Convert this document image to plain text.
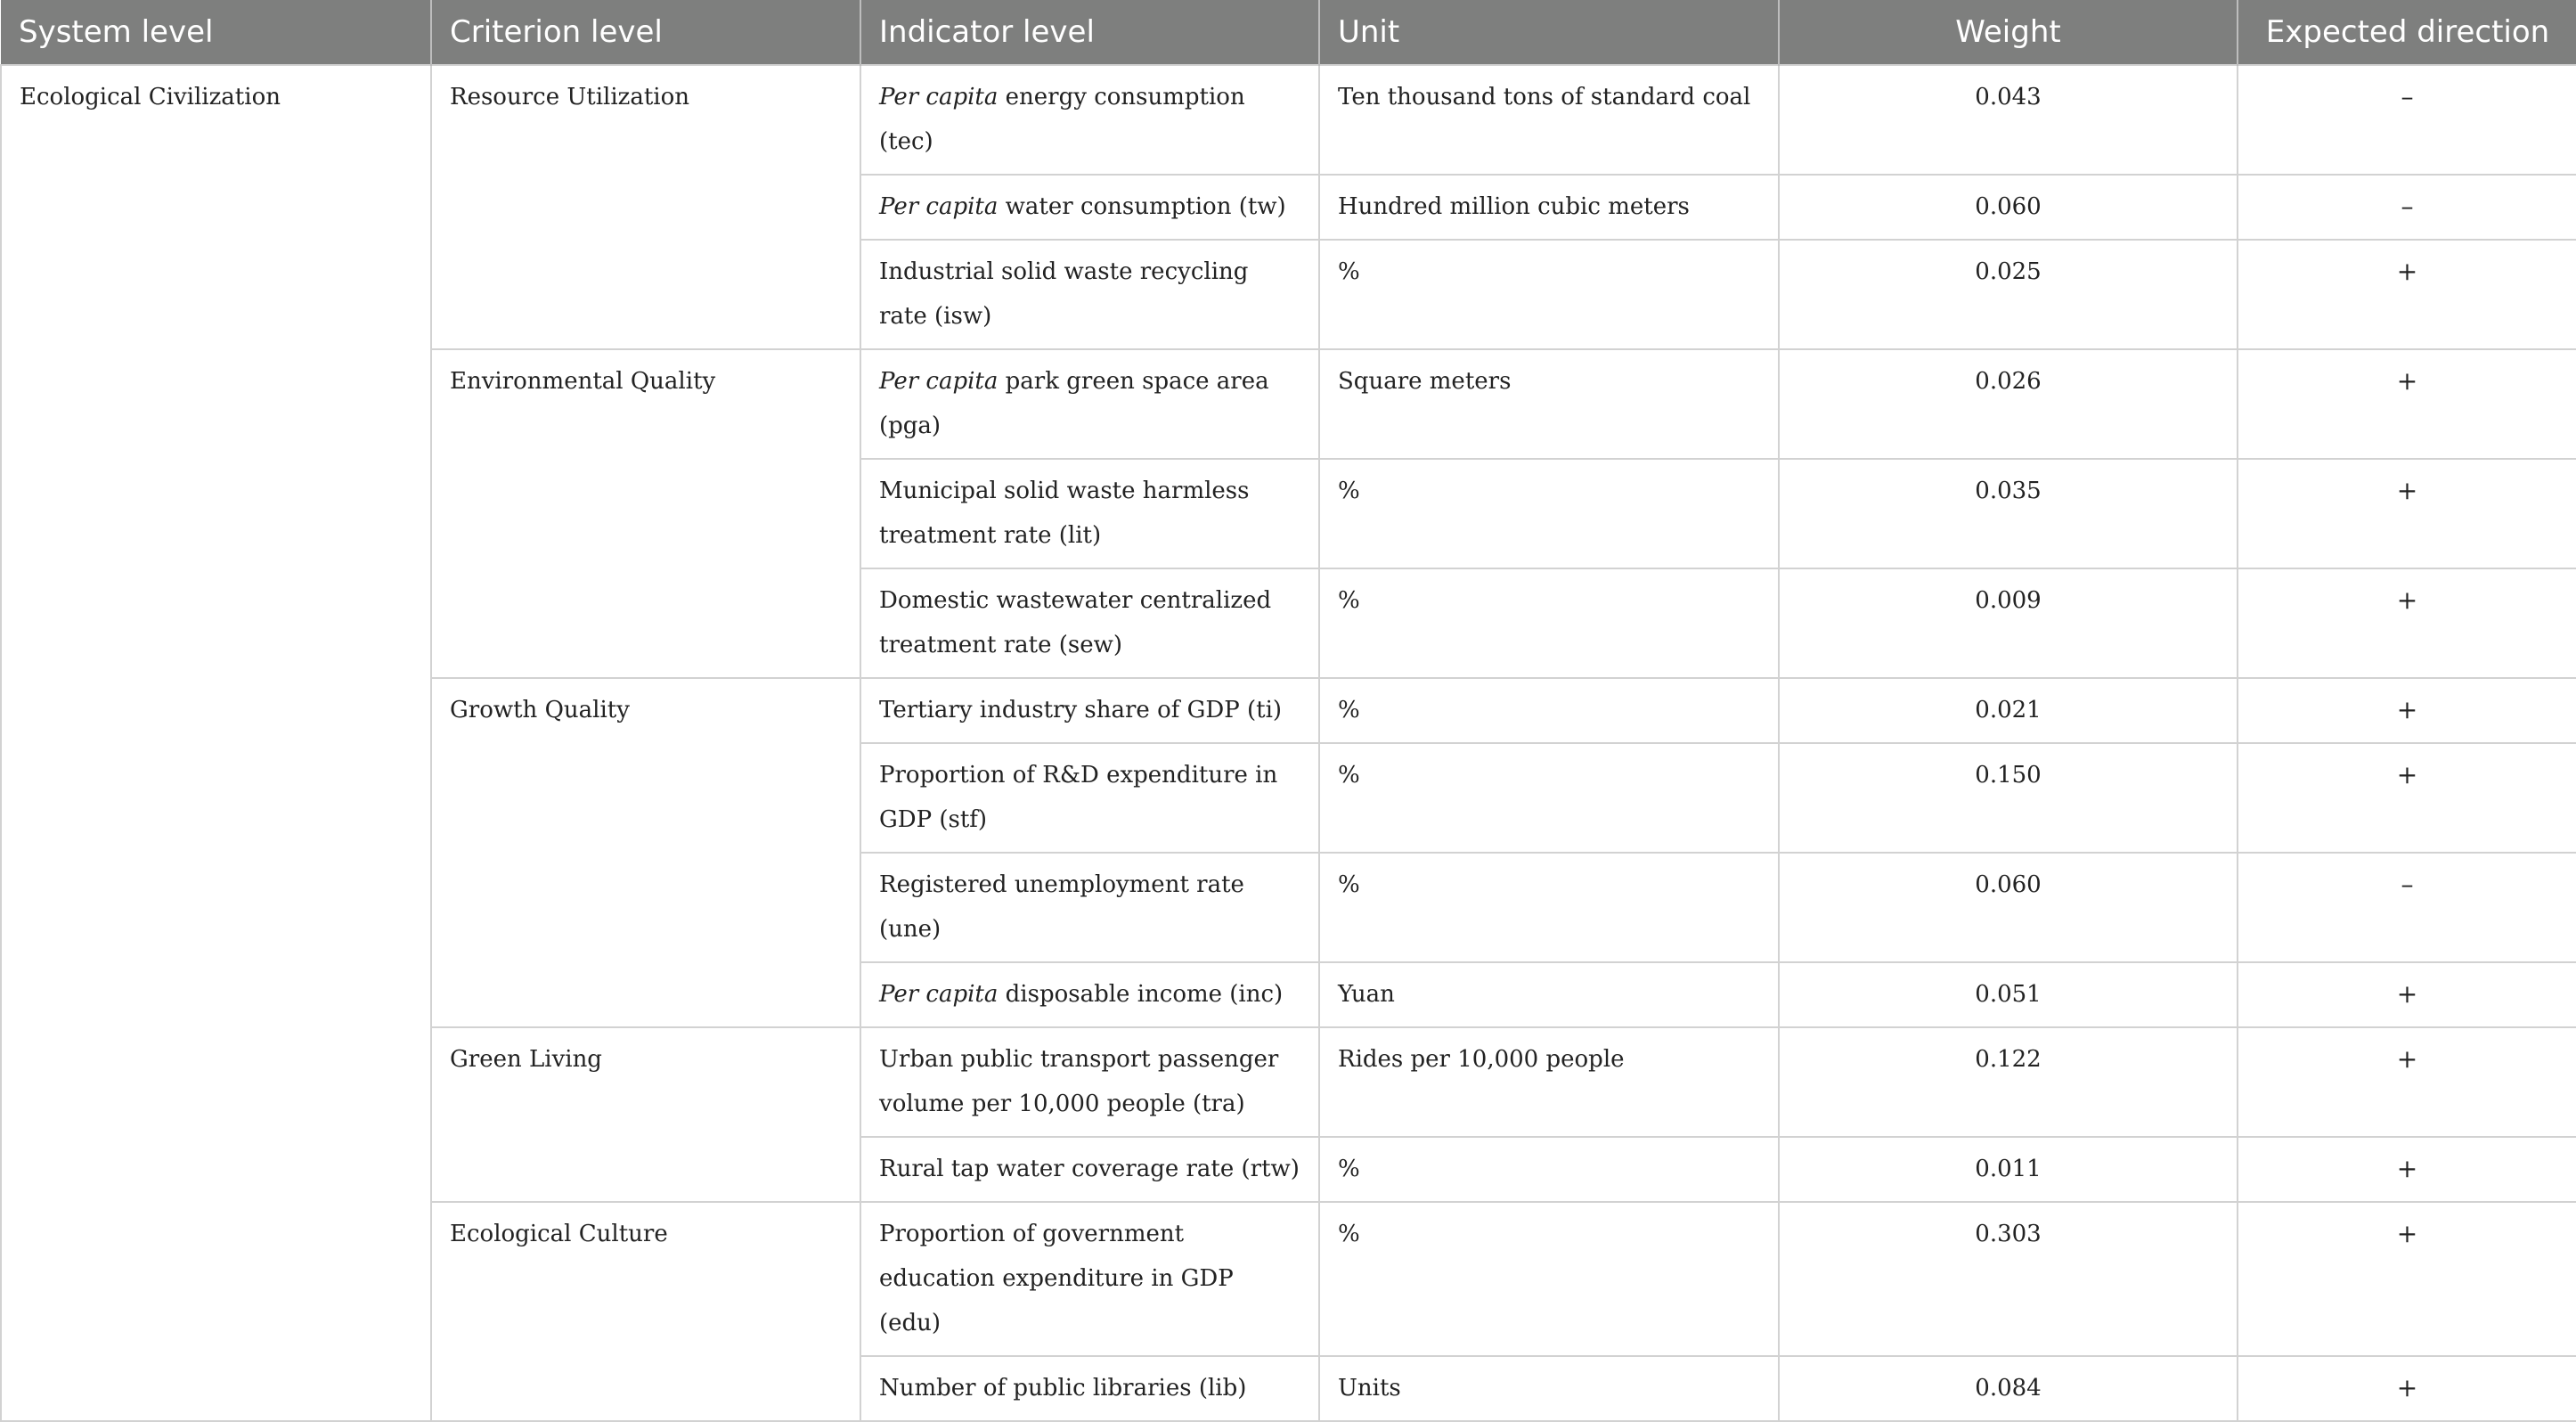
System level	Criterion level	Indicator level	Unit	Weight	Expected direction
Ecological Civilization	Resource Utilization	Per capita energy consumption (tec)	Ten thousand tons of standard coal	0.043	–
		Per capita water consumption (tw)	Hundred million cubic meters	0.060	–
		Industrial solid waste recycling rate (isw)	%	0.025	+
	Environmental Quality	Per capita park green space area (pga)	Square meters	0.026	+
		Municipal solid waste harmless treatment rate (lit)	%	0.035	+
		Domestic wastewater centralized treatment rate (sew)	%	0.009	+
	Growth Quality	Tertiary industry share of GDP (ti)	%	0.021	+
		Proportion of R&D expenditure in GDP (stf)	%	0.150	+
		Registered unemployment rate (une)	%	0.060	–
		Per capita disposable income (inc)	Yuan	0.051	+
	Green Living	Urban public transport passenger volume per 10,000 people (tra)	Rides per 10,000 people	0.122	+
		Rural tap water coverage rate (rtw)	%	0.011	+
	Ecological Culture	Proportion of government education expenditure in GDP (edu)	%	0.303	+
		Number of public libraries (lib)	Units	0.084	+
